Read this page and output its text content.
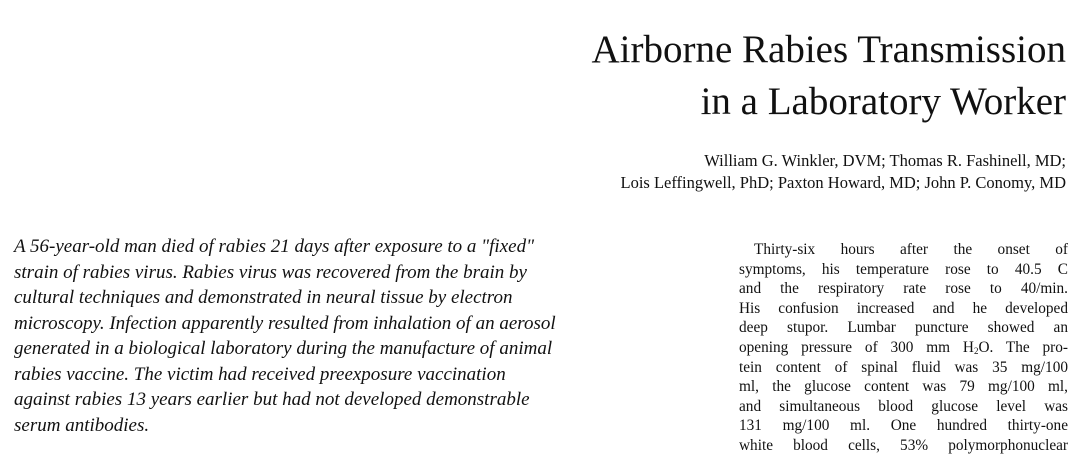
Airborne Rabies Transmission
in a Laboratory Worker
William G. Winkler, DVM; Thomas R. Fashinell, MD;
Lois Leffingwell, PhD; Paxton Howard, MD; John P. Conomy, MD
A 56-year-old man died of rabies 21 days after exposure to a "fixed"
strain of rabies virus. Rabies virus was recovered from the brain by
cultural techniques and demonstrated in neural tissue by electron
microscopy. Infection apparently resulted from inhalation of an aerosol
generated in a biological laboratory during the manufacture of animal
rabies vaccine. The victim had received preexposure vaccination
against rabies 13 years earlier but had not developed demonstrable
serum antibodies.
Thirty-six hours after the onset of
symptoms, his temperature rose to 40.5 C
and the respiratory rate rose to 40/min.
His confusion increased and he developed
deep stupor. Lumbar puncture showed an
opening pressure of 300 mm $H_2O$. The pro-
tein content of spinal fluid was 35 mg/100
ml, the glucose content was 79 mg/100 ml,
and simultaneous blood glucose level was
131 mg/100 ml. One hundred thirty-one
white blood cells, 53% polymorphonuclear
